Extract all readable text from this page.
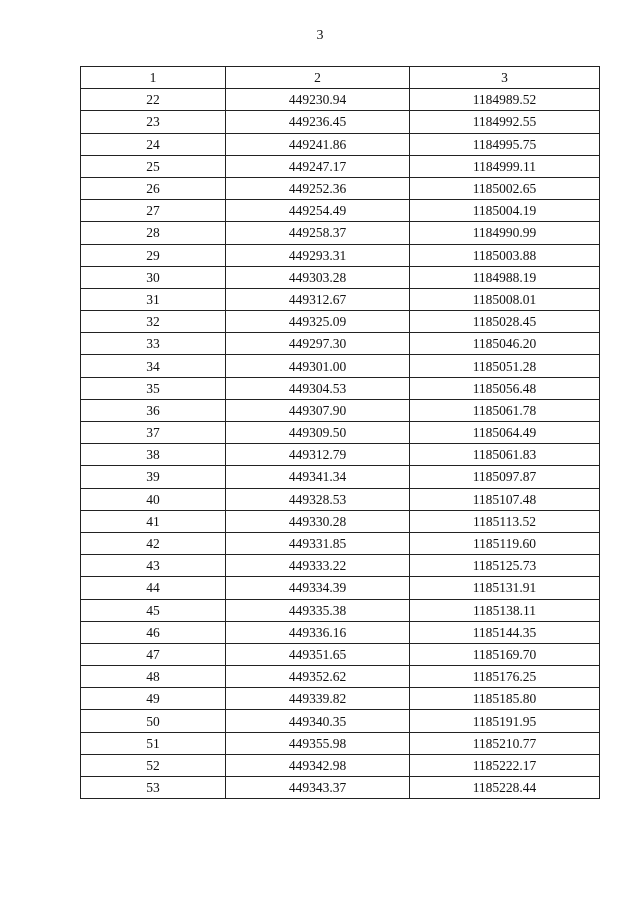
3
1	2	3
22	449230.94	1184989.52
23	449236.45	1184992.55
24	449241.86	1184995.75
25	449247.17	1184999.11
26	449252.36	1185002.65
27	449254.49	1185004.19
28	449258.37	1184990.99
29	449293.31	1185003.88
30	449303.28	1184988.19
31	449312.67	1185008.01
32	449325.09	1185028.45
33	449297.30	1185046.20
34	449301.00	1185051.28
35	449304.53	1185056.48
36	449307.90	1185061.78
37	449309.50	1185064.49
38	449312.79	1185061.83
39	449341.34	1185097.87
40	449328.53	1185107.48
41	449330.28	1185113.52
42	449331.85	1185119.60
43	449333.22	1185125.73
44	449334.39	1185131.91
45	449335.38	1185138.11
46	449336.16	1185144.35
47	449351.65	1185169.70
48	449352.62	1185176.25
49	449339.82	1185185.80
50	449340.35	1185191.95
51	449355.98	1185210.77
52	449342.98	1185222.17
53	449343.37	1185228.44
